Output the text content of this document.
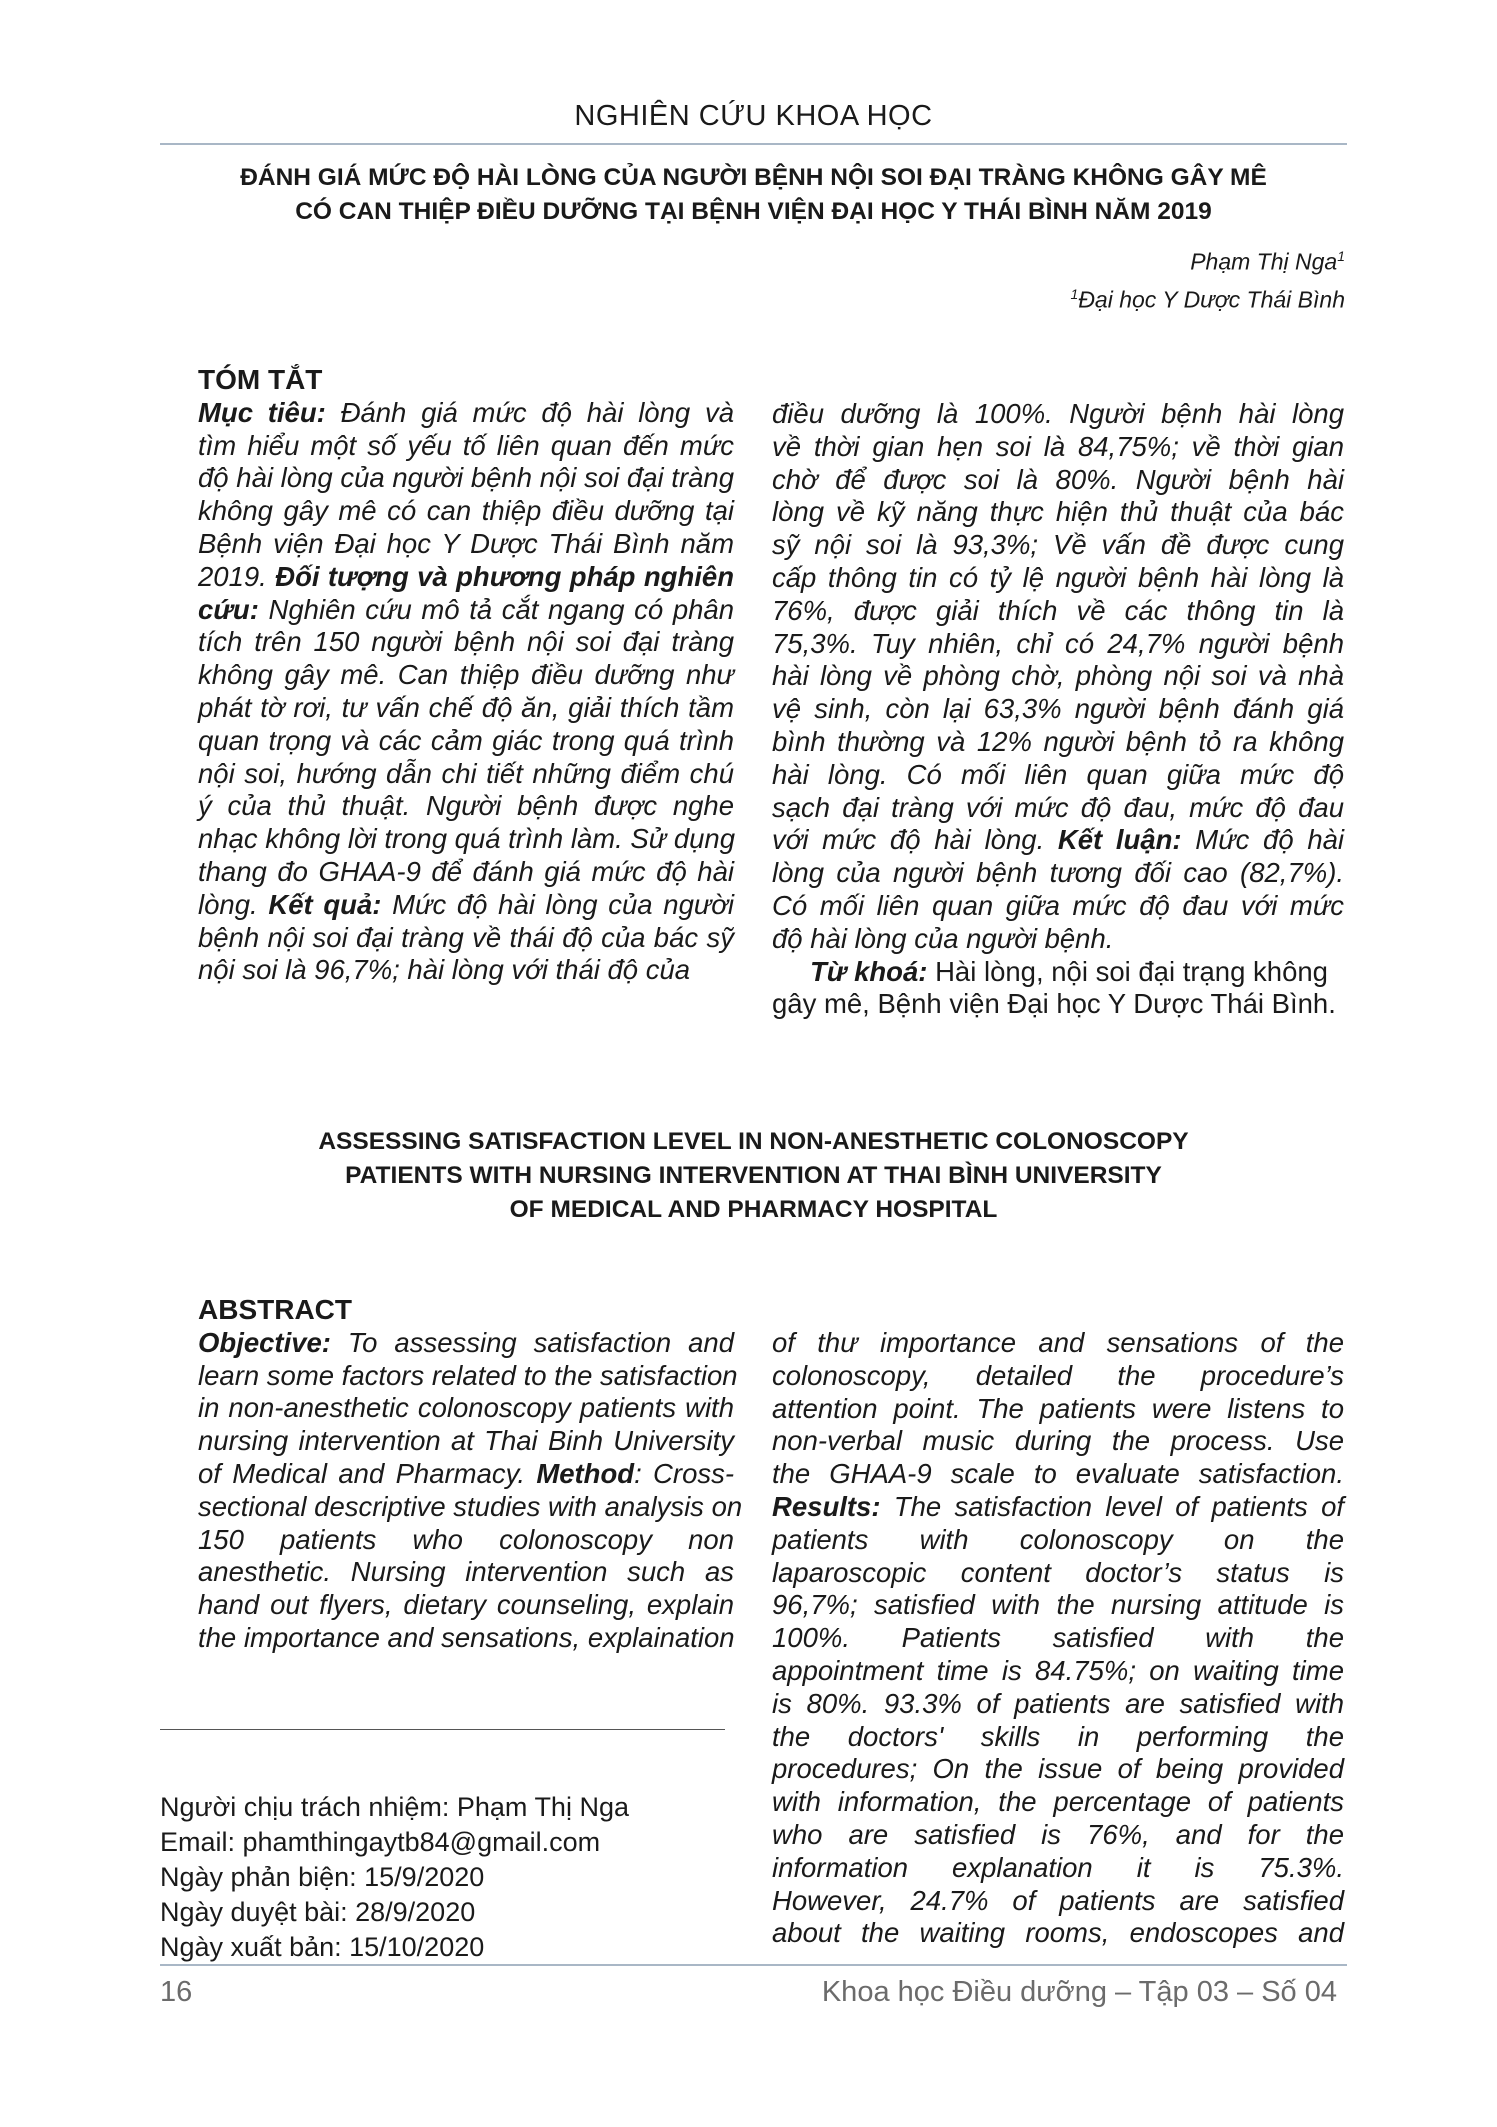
NGHIÊN CỨU KHOA HỌC
ĐÁNH GIÁ MỨC ĐỘ HÀI LÒNG CỦA NGƯỜI BỆNH NỘI SOI ĐẠI TRÀNG KHÔNG GÂY MÊ
CÓ CAN THIỆP ĐIỀU DƯỠNG TẠI BỆNH VIỆN ĐẠI HỌC Y THÁI BÌNH NĂM 2019
Phạm Thị Nga$^1$
$^1$Đại học Y Dược Thái Bình
TÓM TẮT
Mục tiêu: Đánh giá mức độ hài lòng và
tìm hiểu một số yếu tố liên quan đến mức
độ hài lòng của người bệnh nội soi đại tràng
không gây mê có can thiệp điều dưỡng tại
Bệnh viện Đại học Y Dược Thái Bình năm
2019. Đối tượng và phương pháp nghiên
cứu: Nghiên cứu mô tả cắt ngang có phân
tích trên 150 người bệnh nội soi đại tràng
không gây mê. Can thiệp điều dưỡng như
phát tờ rơi, tư vấn chế độ ăn, giải thích tầm
quan trọng và các cảm giác trong quá trình
nội soi, hướng dẫn chi tiết những điểm chú
ý của thủ thuật. Người bệnh được nghe
nhạc không lời trong quá trình làm. Sử dụng
thang đo GHAA-9 để đánh giá mức độ hài
lòng. Kết quả: Mức độ hài lòng của người
bệnh nội soi đại tràng về thái độ của bác sỹ
nội soi là 96,7%; hài lòng với thái độ của
điều dưỡng là 100%. Người bệnh hài lòng
về thời gian hẹn soi là 84,75%; về thời gian
chờ để được soi là 80%. Người bệnh hài
lòng về kỹ năng thực hiện thủ thuật của bác
sỹ nội soi là 93,3%; Về vấn đề được cung
cấp thông tin có tỷ lệ người bệnh hài lòng là
76%, được giải thích về các thông tin là
75,3%. Tuy nhiên, chỉ có 24,7% người bệnh
hài lòng về phòng chờ, phòng nội soi và nhà
vệ sinh, còn lại 63,3% người bệnh đánh giá
bình thường và 12% người bệnh tỏ ra không
hài lòng. Có mối liên quan giữa mức độ
sạch đại tràng với mức độ đau, mức độ đau
với mức độ hài lòng. Kết luận: Mức độ hài
lòng của người bệnh tương đối cao (82,7%).
Có mối liên quan giữa mức độ đau với mức
độ hài lòng của người bệnh.
Từ khoá: Hài lòng, nội soi đại trạng không
gây mê, Bệnh viện Đại học Y Dược Thái Bình.
ASSESSING SATISFACTION LEVEL IN NON-ANESTHETIC COLONOSCOPY
PATIENTS WITH NURSING INTERVENTION AT THAI BÌNH UNIVERSITY
OF MEDICAL AND PHARMACY HOSPITAL
ABSTRACT
Objective: To assessing satisfaction and
learn some factors related to the satisfaction
in non-anesthetic colonoscopy patients with
nursing intervention at Thai Binh University
of Medical and Pharmacy. Method: Cross-
sectional descriptive studies with analysis on
150 patients who colonoscopy non
anesthetic. Nursing intervention such as
hand out flyers, dietary counseling, explain
the importance and sensations, explaination
of thư importance and sensations of the
colonoscopy, detailed the procedure’s
attention point. The patients were listens to
non-verbal music during the process. Use
the GHAA-9 scale to evaluate satisfaction.
Results: The satisfaction level of patients of
patients with colonoscopy on the
laparoscopic content doctor’s status is
96,7%; satisfied with the nursing attitude is
100%. Patients satisfied with the
appointment time is 84.75%; on waiting time
is 80%. 93.3% of patients are satisfied with
the doctors' skills in performing the
procedures; On the issue of being provided
with information, the percentage of patients
who are satisfied is 76%, and for the
information explanation it is 75.3%.
However, 24.7% of patients are satisfied
about the waiting rooms, endoscopes and
Người chịu trách nhiệm: Phạm Thị Nga
Email: phamthingaytb84@gmail.com
Ngày phản biện: 15/9/2020
Ngày duyệt bài: 28/9/2020
Ngày xuất bản: 15/10/2020
16	Khoa học Điều dưỡng – Tập 03 – Số 04
